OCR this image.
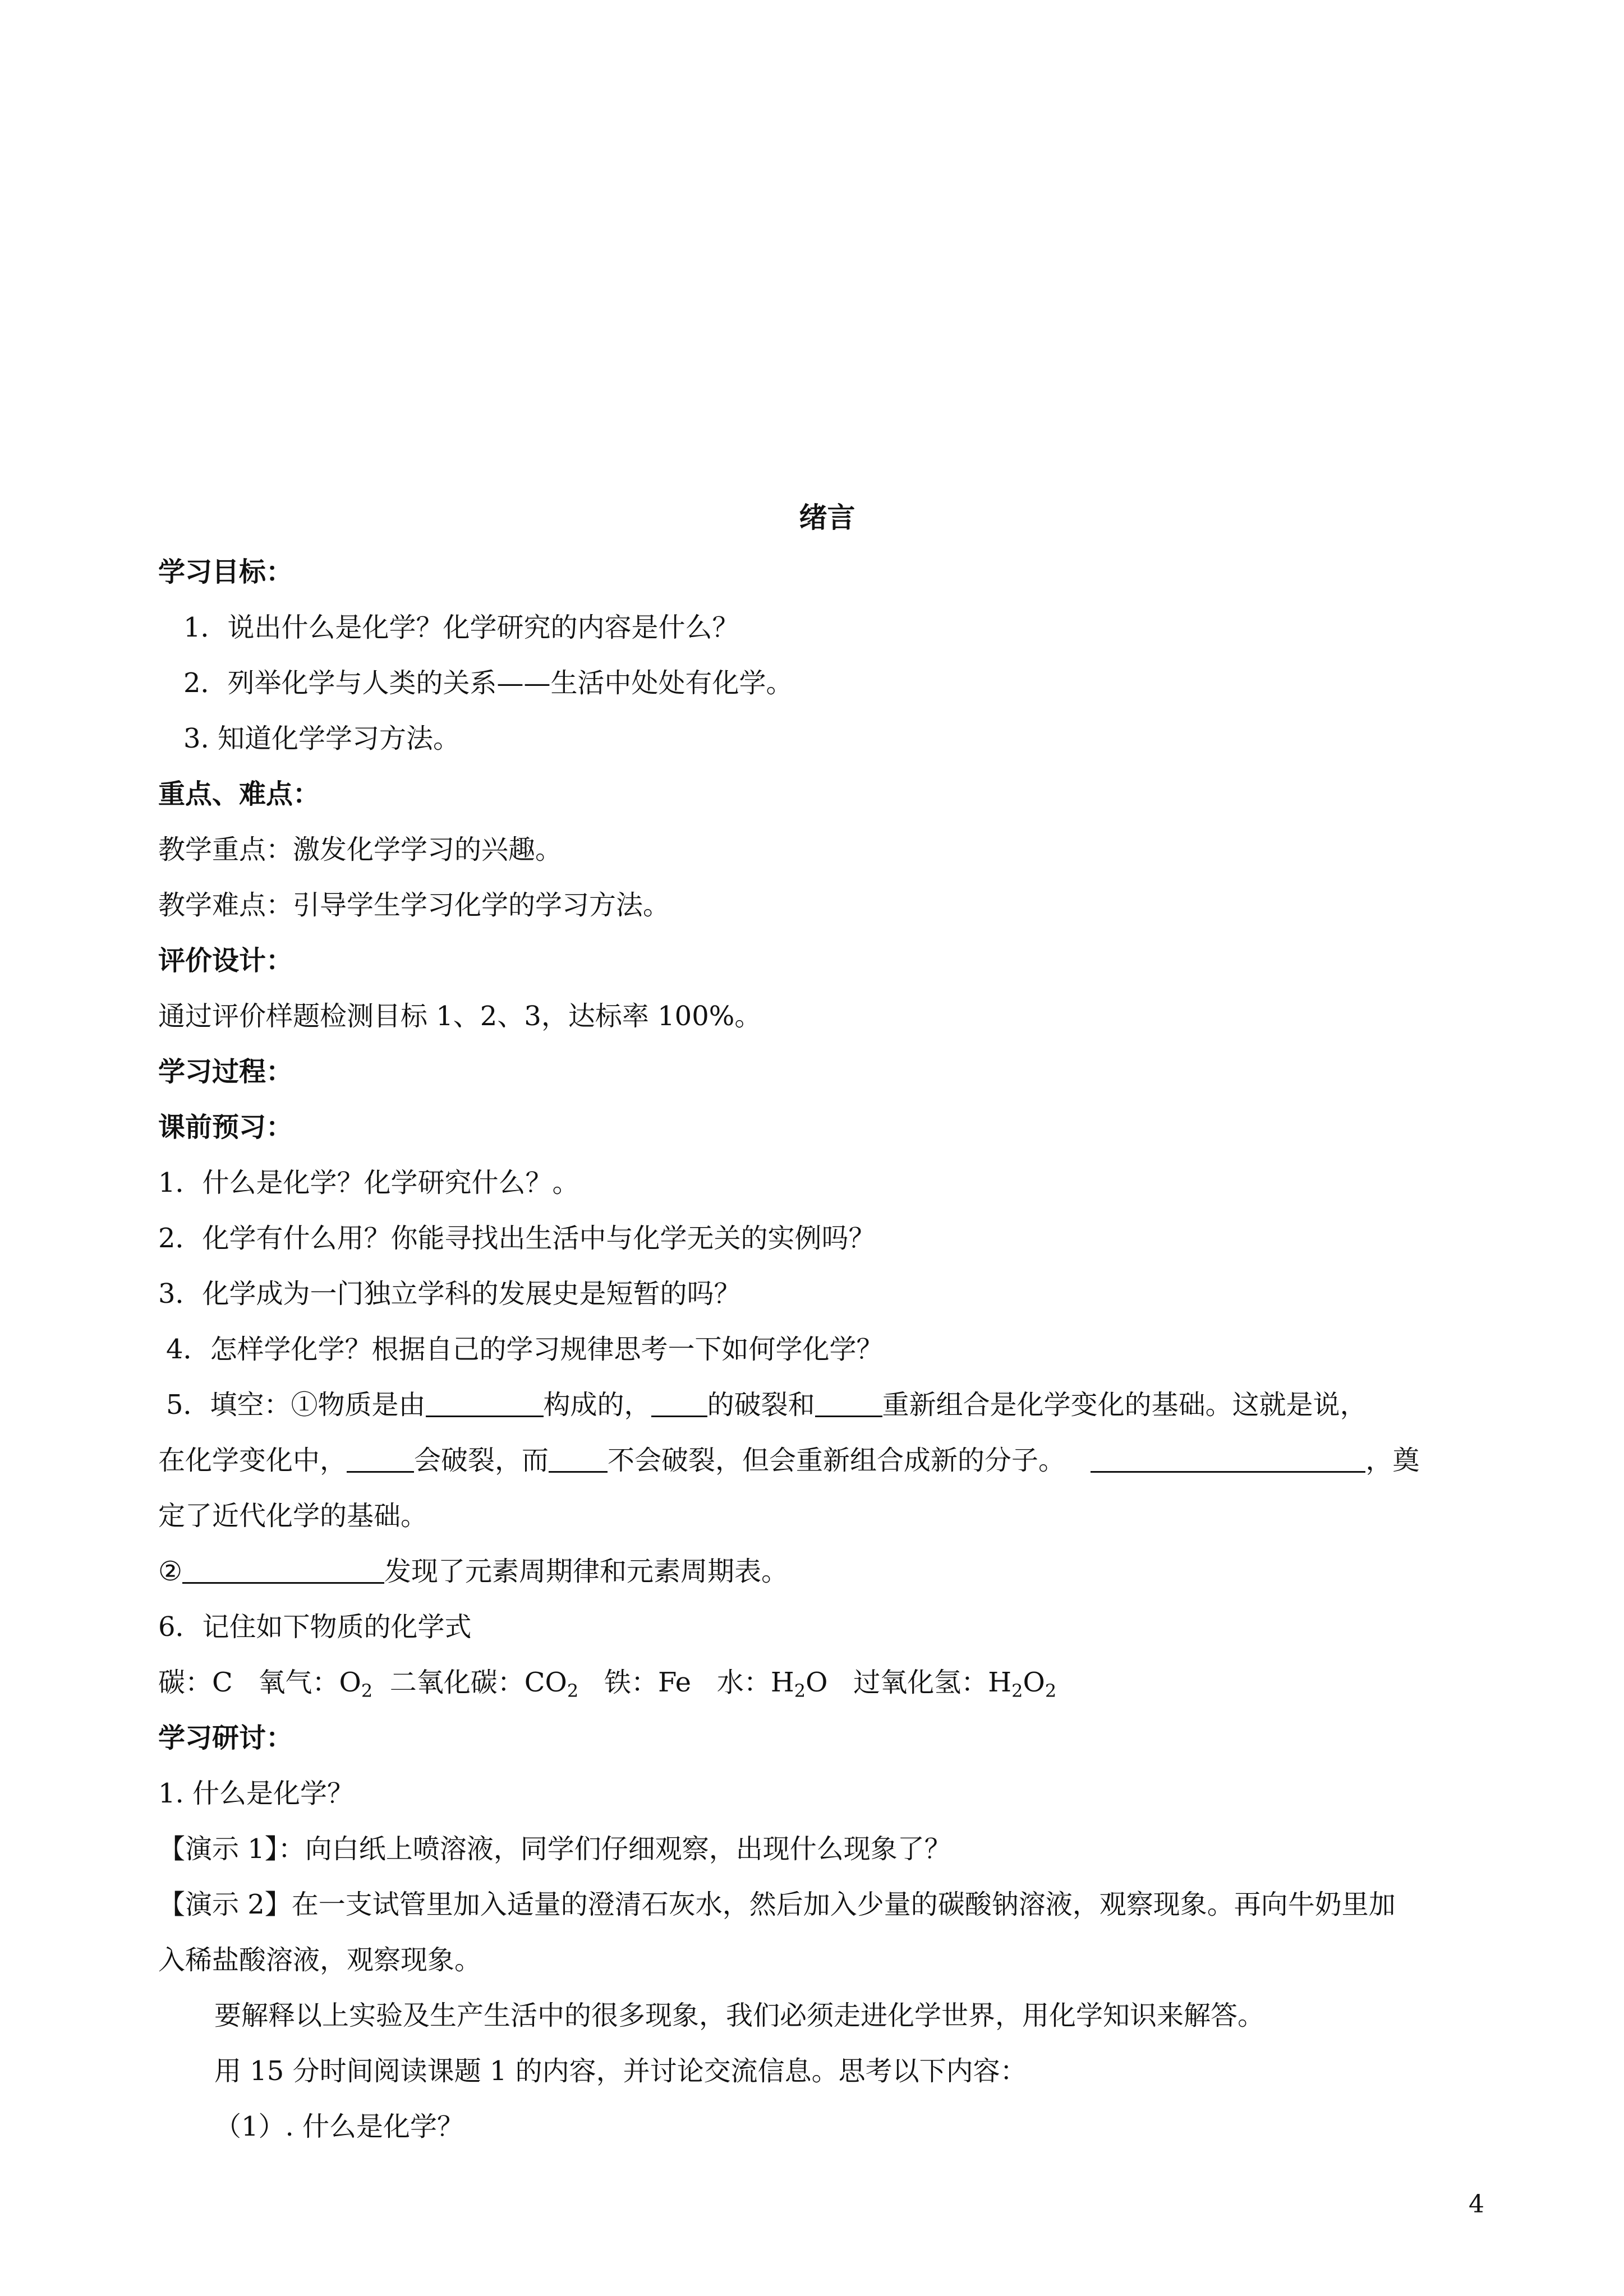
绪言
学习目标：
1．说出什么是化学？化学研究的内容是什么？
2．列举化学与人类的关系——生活中处处有化学。
3. 知道化学学习方法。
重点、难点：
教学重点：激发化学学习的兴趣。
教学难点：引导学生学习化学的学习方法。
评价设计：
通过评价样题检测目标 1、2、3，达标率 100%。
学习过程：
课前预习：
1．什么是化学？化学研究什么？。
2．化学有什么用？你能寻找出生活中与化学无关的实例吗？
3．化学成为一门独立学科的发展史是短暂的吗？
4．怎样学化学？根据自己的学习规律思考一下如何学化学？
5．填空：①物质是由	构成的， 的破裂和	重新组合是化学变化的基础。这就是说，
在化学变化中，	会破裂，而 不会破裂，但会重新组合成新的分子。	，奠
定了近代化学的基础。
②	发现了元素周期律和元素周期表。
6．记住如下物质的化学式
碳：C 氧气：$O_2$ 二氧化碳：$CO_2$ 铁：Fe 水：$H_2O$ 过氧化氢：$H_2O_2$
学习研讨：
1. 什么是化学？
【演示 1】：向白纸上喷溶液，同学们仔细观察，出现什么现象了？
【演示 2】在一支试管里加入适量的澄清石灰水，然后加入少量的碳酸钠溶液，观察现象。再向牛奶里加
入稀盐酸溶液，观察现象。
要解释以上实验及生产生活中的很多现象，我们必须走进化学世界，用化学知识来解答。
用 15 分时间阅读课题 1 的内容，并讨论交流信息。思考以下内容：
（1）. 什么是化学？
4
